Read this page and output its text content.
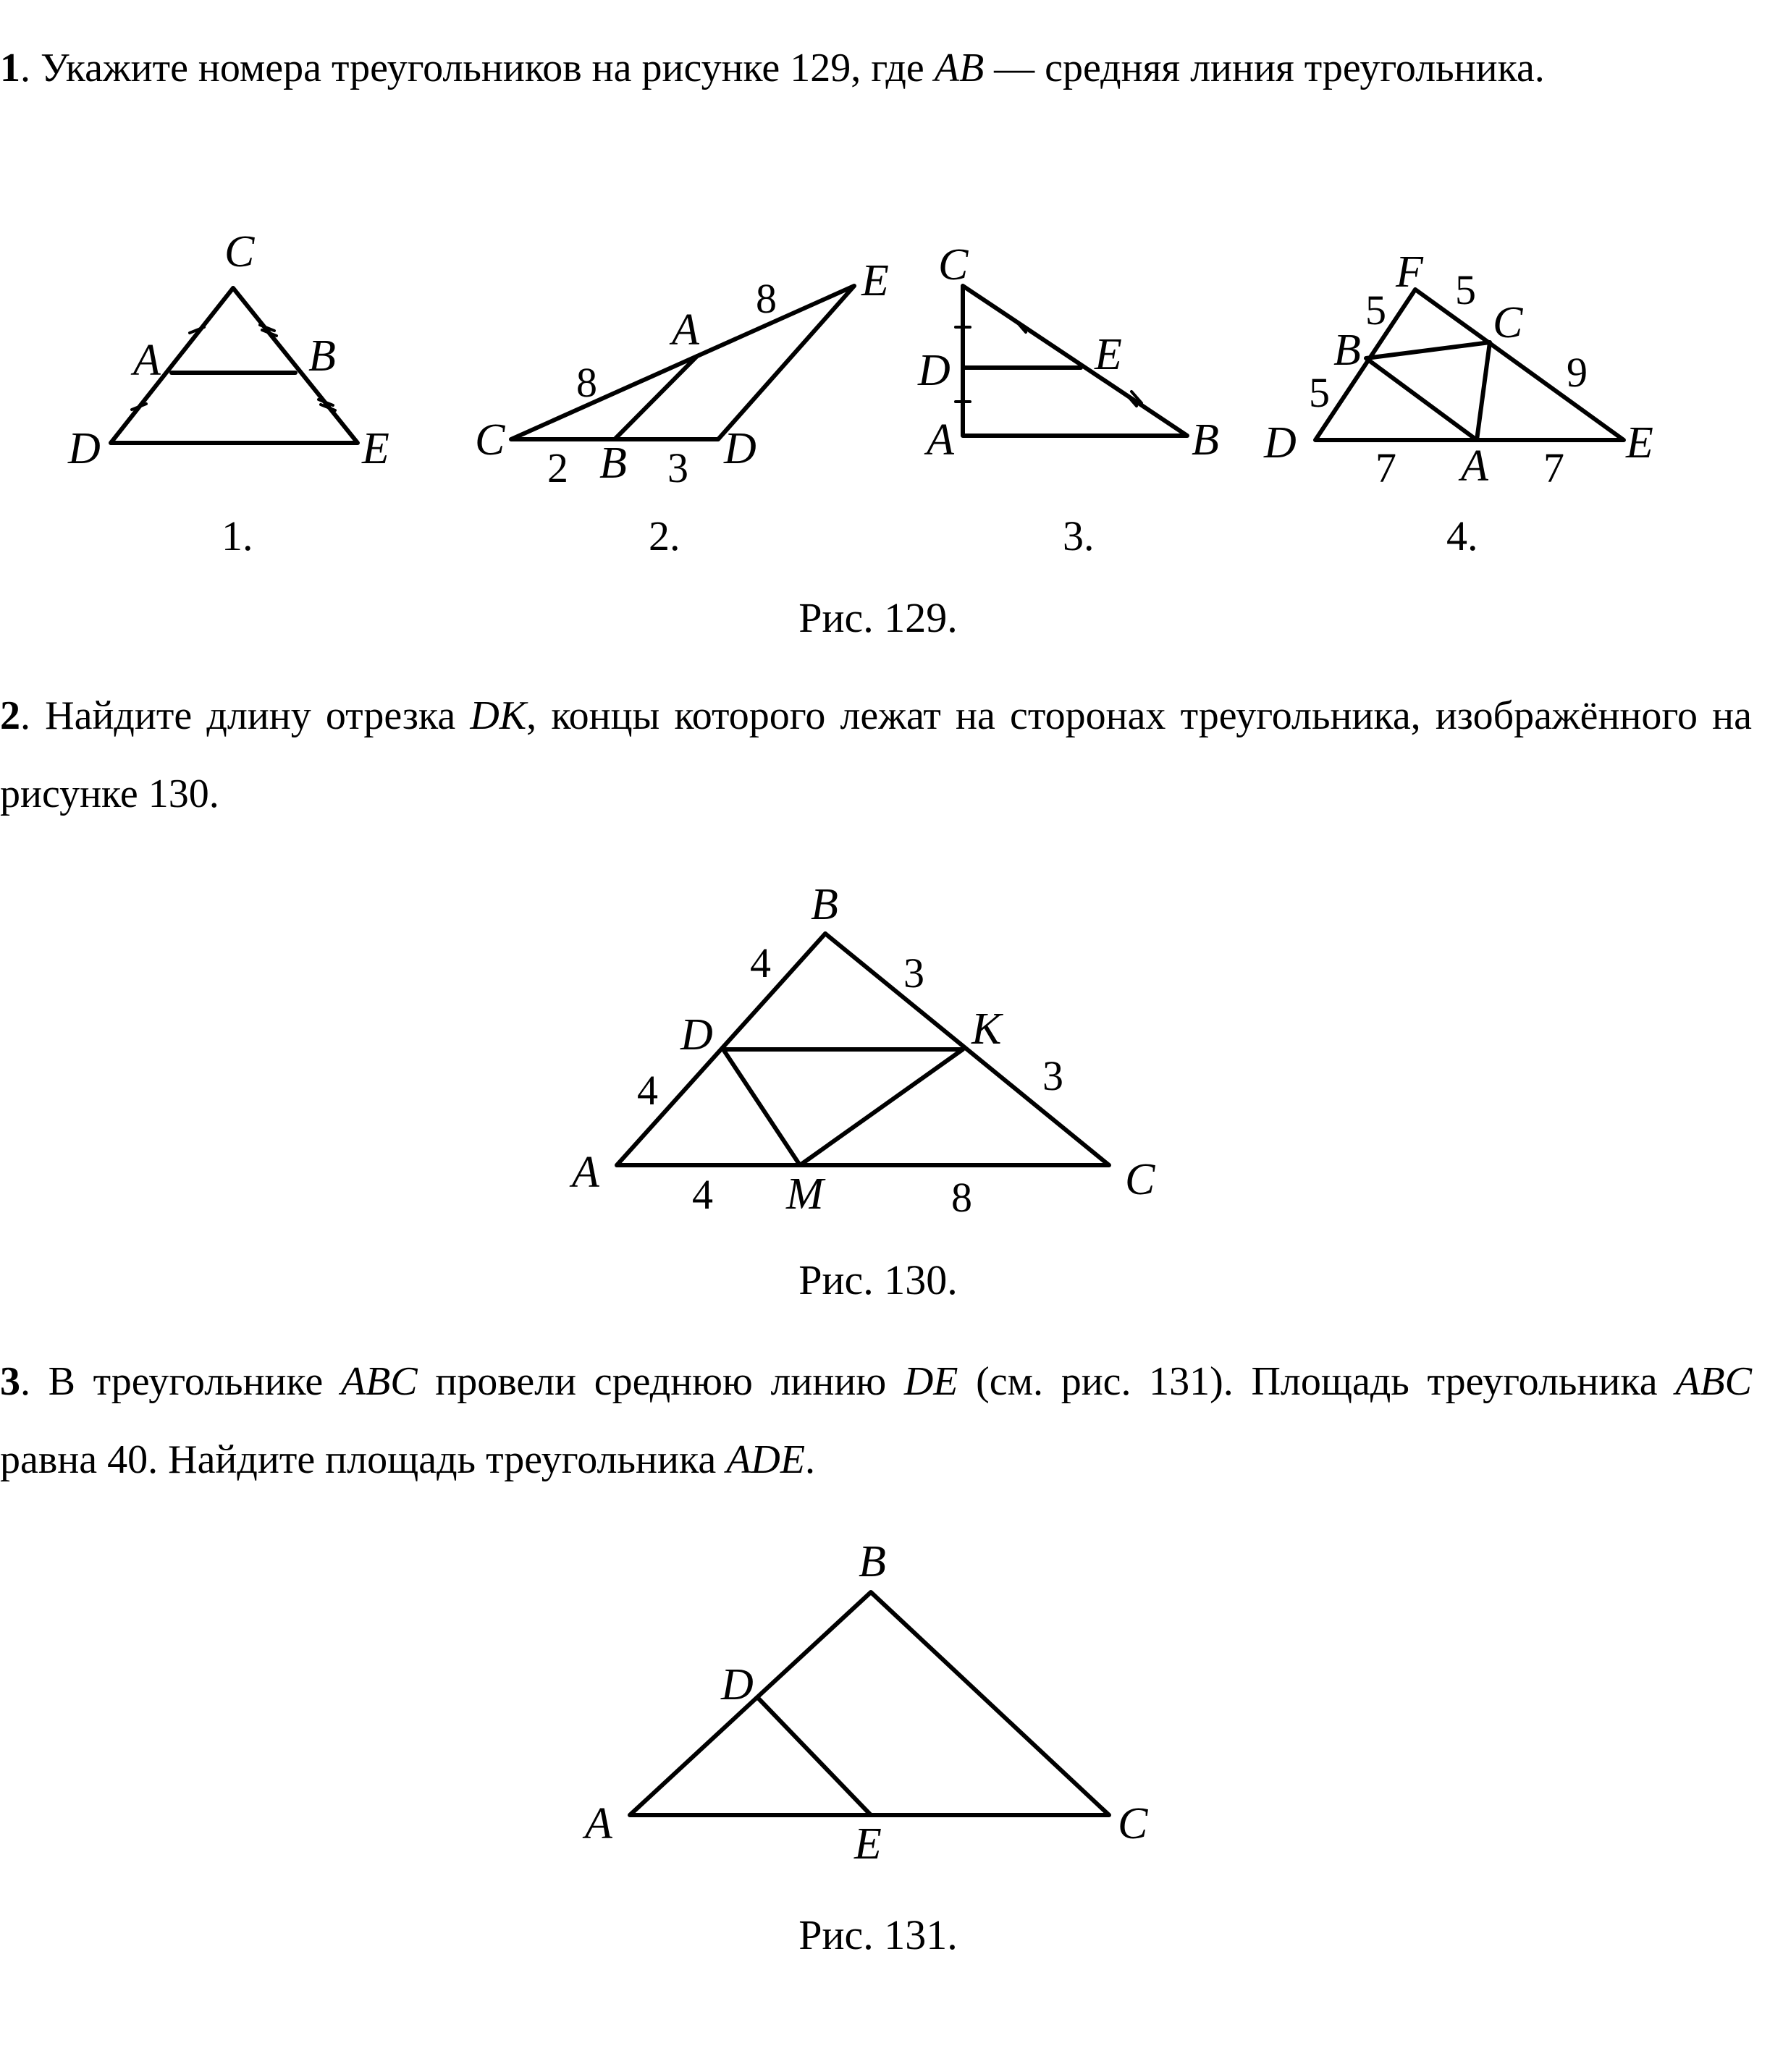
1. Укажите номера треугольников на рисунке 129, где AB — средняя линия треугольника.

C
A	B
D	E
1.
E
A
C B D
8
8
2 3
2.
C
D	E
A	B
3.
F
C
B
D	A	E
5 5
5	9
7	7
4.

Рис. 129.

2. Найдите длину отрезка DK, концы которого лежат на сторонах треугольника, изображённого на рисунке 130.

B
D	K
A	M	C
4	3
4	3
4	8

Рис. 130.

3. В треугольнике ABC провели среднюю линию DE (см. рис. 131). Площадь треугольника ABC равна 40. Найдите площадь треугольника ADE.

B
D
A	E	C

Рис. 131.
